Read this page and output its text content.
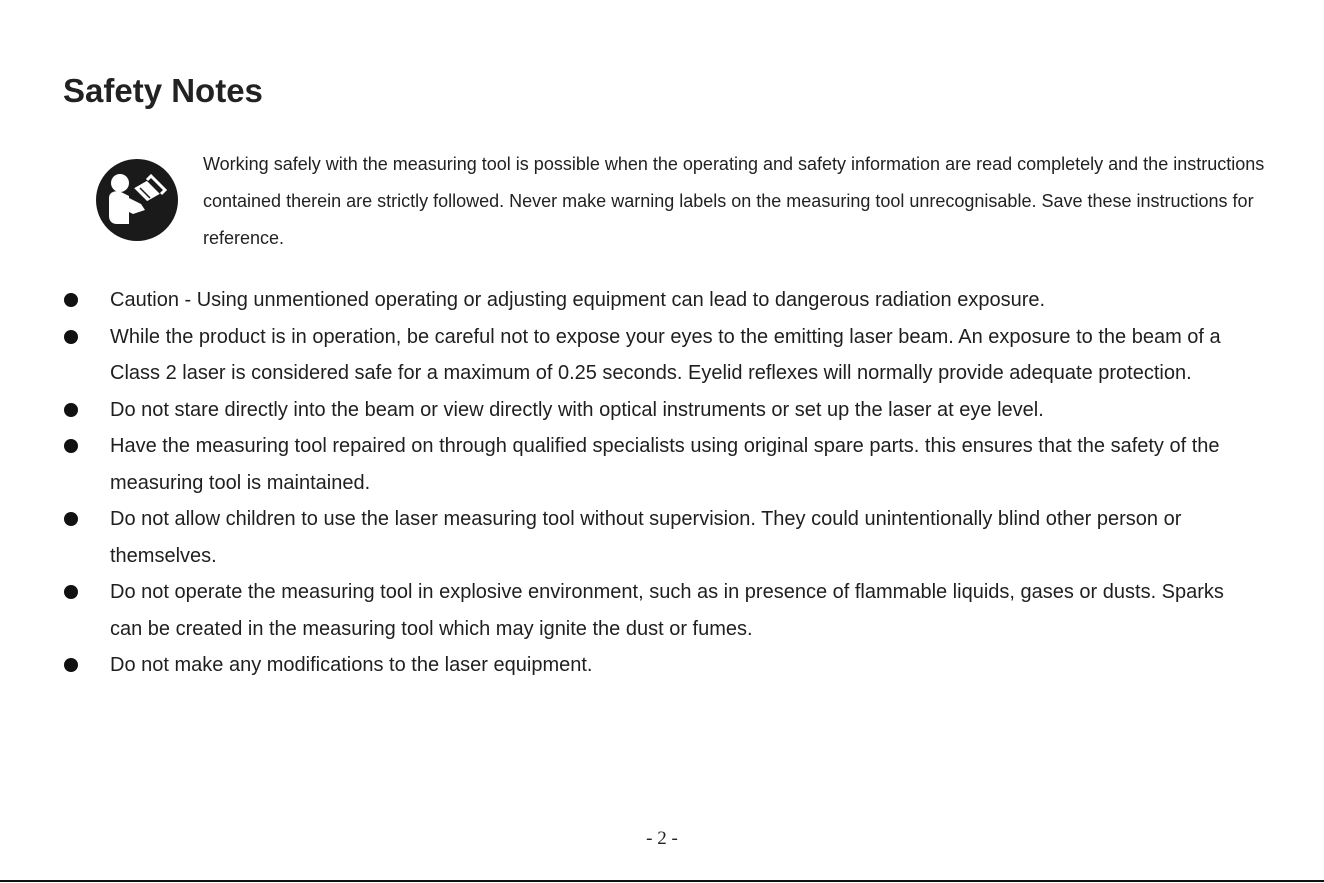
Safety Notes

Working safely with the measuring tool is possible when the operating and safety information are read completely and the instructions contained therein are strictly followed. Never make warning labels on the measuring tool unrecognisable. Save these instructions for reference.

Caution - Using unmentioned operating or adjusting equipment can lead to dangerous radiation exposure.
While the product is in operation, be careful not to expose your eyes to the emitting laser beam. An exposure to the beam of a Class 2 laser is considered safe for a maximum of 0.25 seconds. Eyelid reflexes will normally provide adequate protection.
Do not stare directly into the beam or view directly with optical instruments or set up the laser at eye level.
Have the measuring tool repaired on through qualified specialists using original spare parts. this ensures that the safety of the measuring tool is maintained.
Do not allow children to use the laser measuring tool without supervision. They could unintentionally blind other person or themselves.
Do not operate the measuring tool in explosive environment, such as in presence of flammable liquids, gases or dusts. Sparks can be created in the measuring tool which may ignite the dust or fumes.
Do not make any modifications to the laser equipment.
- 2 -
